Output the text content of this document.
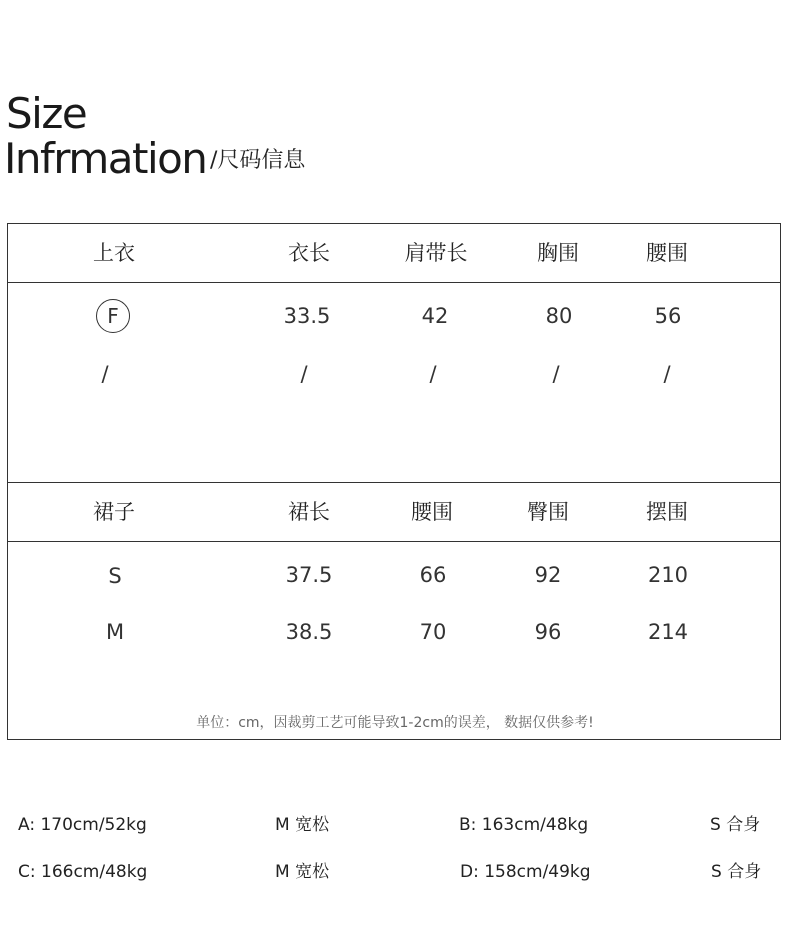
Size
Infrmation /尺码信息
上衣	衣长	肩带长	胸围	腰围
F	33.5	42	80	56
/	/	/	/	/
裙子	裙长	腰围	臀围	摆围
S	37.5	66	92	210
M	38.5	70	96	214
单位：cm，因裁剪工艺可能导致1-2cm的误差， 数据仅供参考!
A: 170cm/52kg	M 宽松	B: 163cm/48kg	S 合身
C: 166cm/48kg	M 宽松	D: 158cm/49kg	S 合身
